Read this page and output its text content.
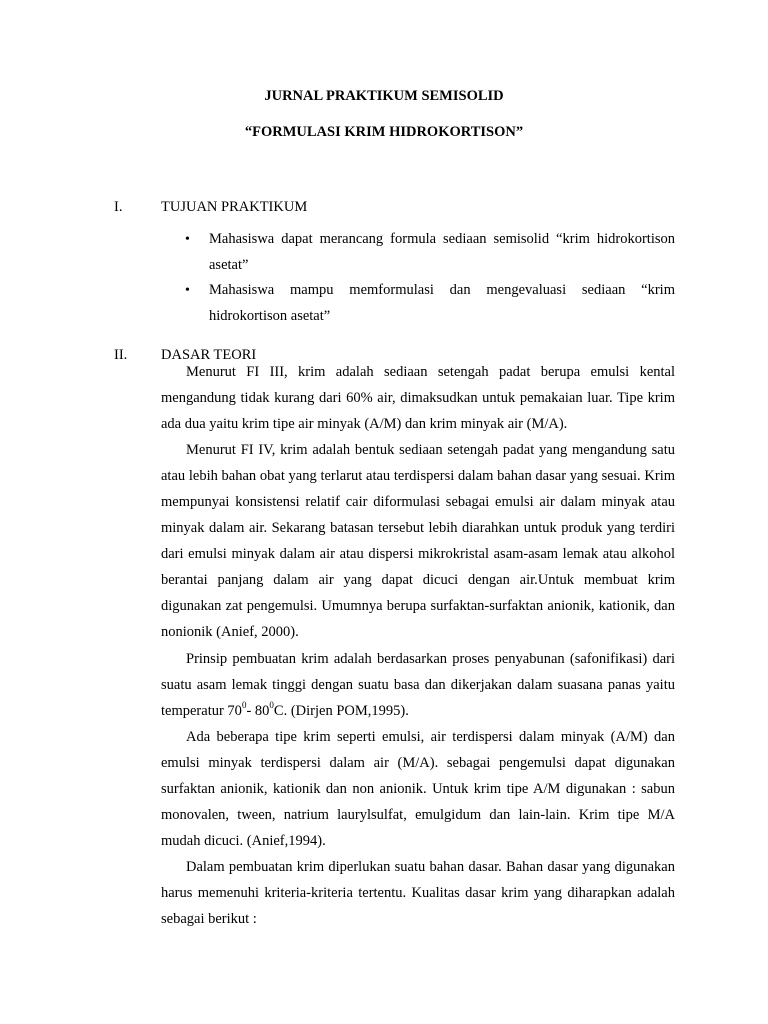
JURNAL PRAKTIKUM SEMISOLID
“FORMULASI KRIM HIDROKORTISON”
I.	TUJUAN PRAKTIKUM
• Mahasiswa dapat merancang formula sediaan semisolid “krim hidrokortison asetat”
• Mahasiswa mampu memformulasi dan mengevaluasi sediaan “krim hidrokortison asetat”
II. DASAR TEORI

Menurut FI III, krim adalah sediaan setengah padat berupa emulsi kental mengandung tidak kurang dari 60% air, dimaksudkan untuk pemakaian luar. Tipe krim ada dua yaitu krim tipe air minyak (A/M) dan krim minyak air (M/A).

Menurut FI IV, krim adalah bentuk sediaan setengah padat yang mengandung satu atau lebih bahan obat yang terlarut atau terdispersi dalam bahan dasar yang sesuai. Krim mempunyai konsistensi relatif cair diformulasi sebagai emulsi air dalam minyak atau minyak dalam air. Sekarang batasan tersebut lebih diarahkan untuk produk yang terdiri dari emulsi minyak dalam air atau dispersi mikrokristal asam-asam lemak atau alkohol berantai panjang dalam air yang dapat dicuci dengan air.Untuk membuat krim digunakan zat pengemulsi. Umumnya berupa surfaktan-surfaktan anionik, kationik, dan nonionik (Anief, 2000).

Prinsip pembuatan krim adalah berdasarkan proses penyabunan (safonifikasi) dari suatu asam lemak tinggi dengan suatu basa dan dikerjakan dalam suasana panas yaitu temperatur $70^0-$ $80^0C$. (Dirjen POM,1995).

Ada beberapa tipe krim seperti emulsi, air terdispersi dalam minyak (A/M) dan emulsi minyak terdispersi dalam air (M/A). sebagai pengemulsi dapat digunakan surfaktan anionik, kationik dan non anionik. Untuk krim tipe A/M digunakan : sabun monovalen, tween, natrium laurylsulfat, emulgidum dan lain-lain. Krim tipe M/A mudah dicuci. (Anief,1994).

Dalam pembuatan krim diperlukan suatu bahan dasar. Bahan dasar yang digunakan harus memenuhi kriteria-kriteria tertentu. Kualitas dasar krim yang diharapkan adalah sebagai berikut :
